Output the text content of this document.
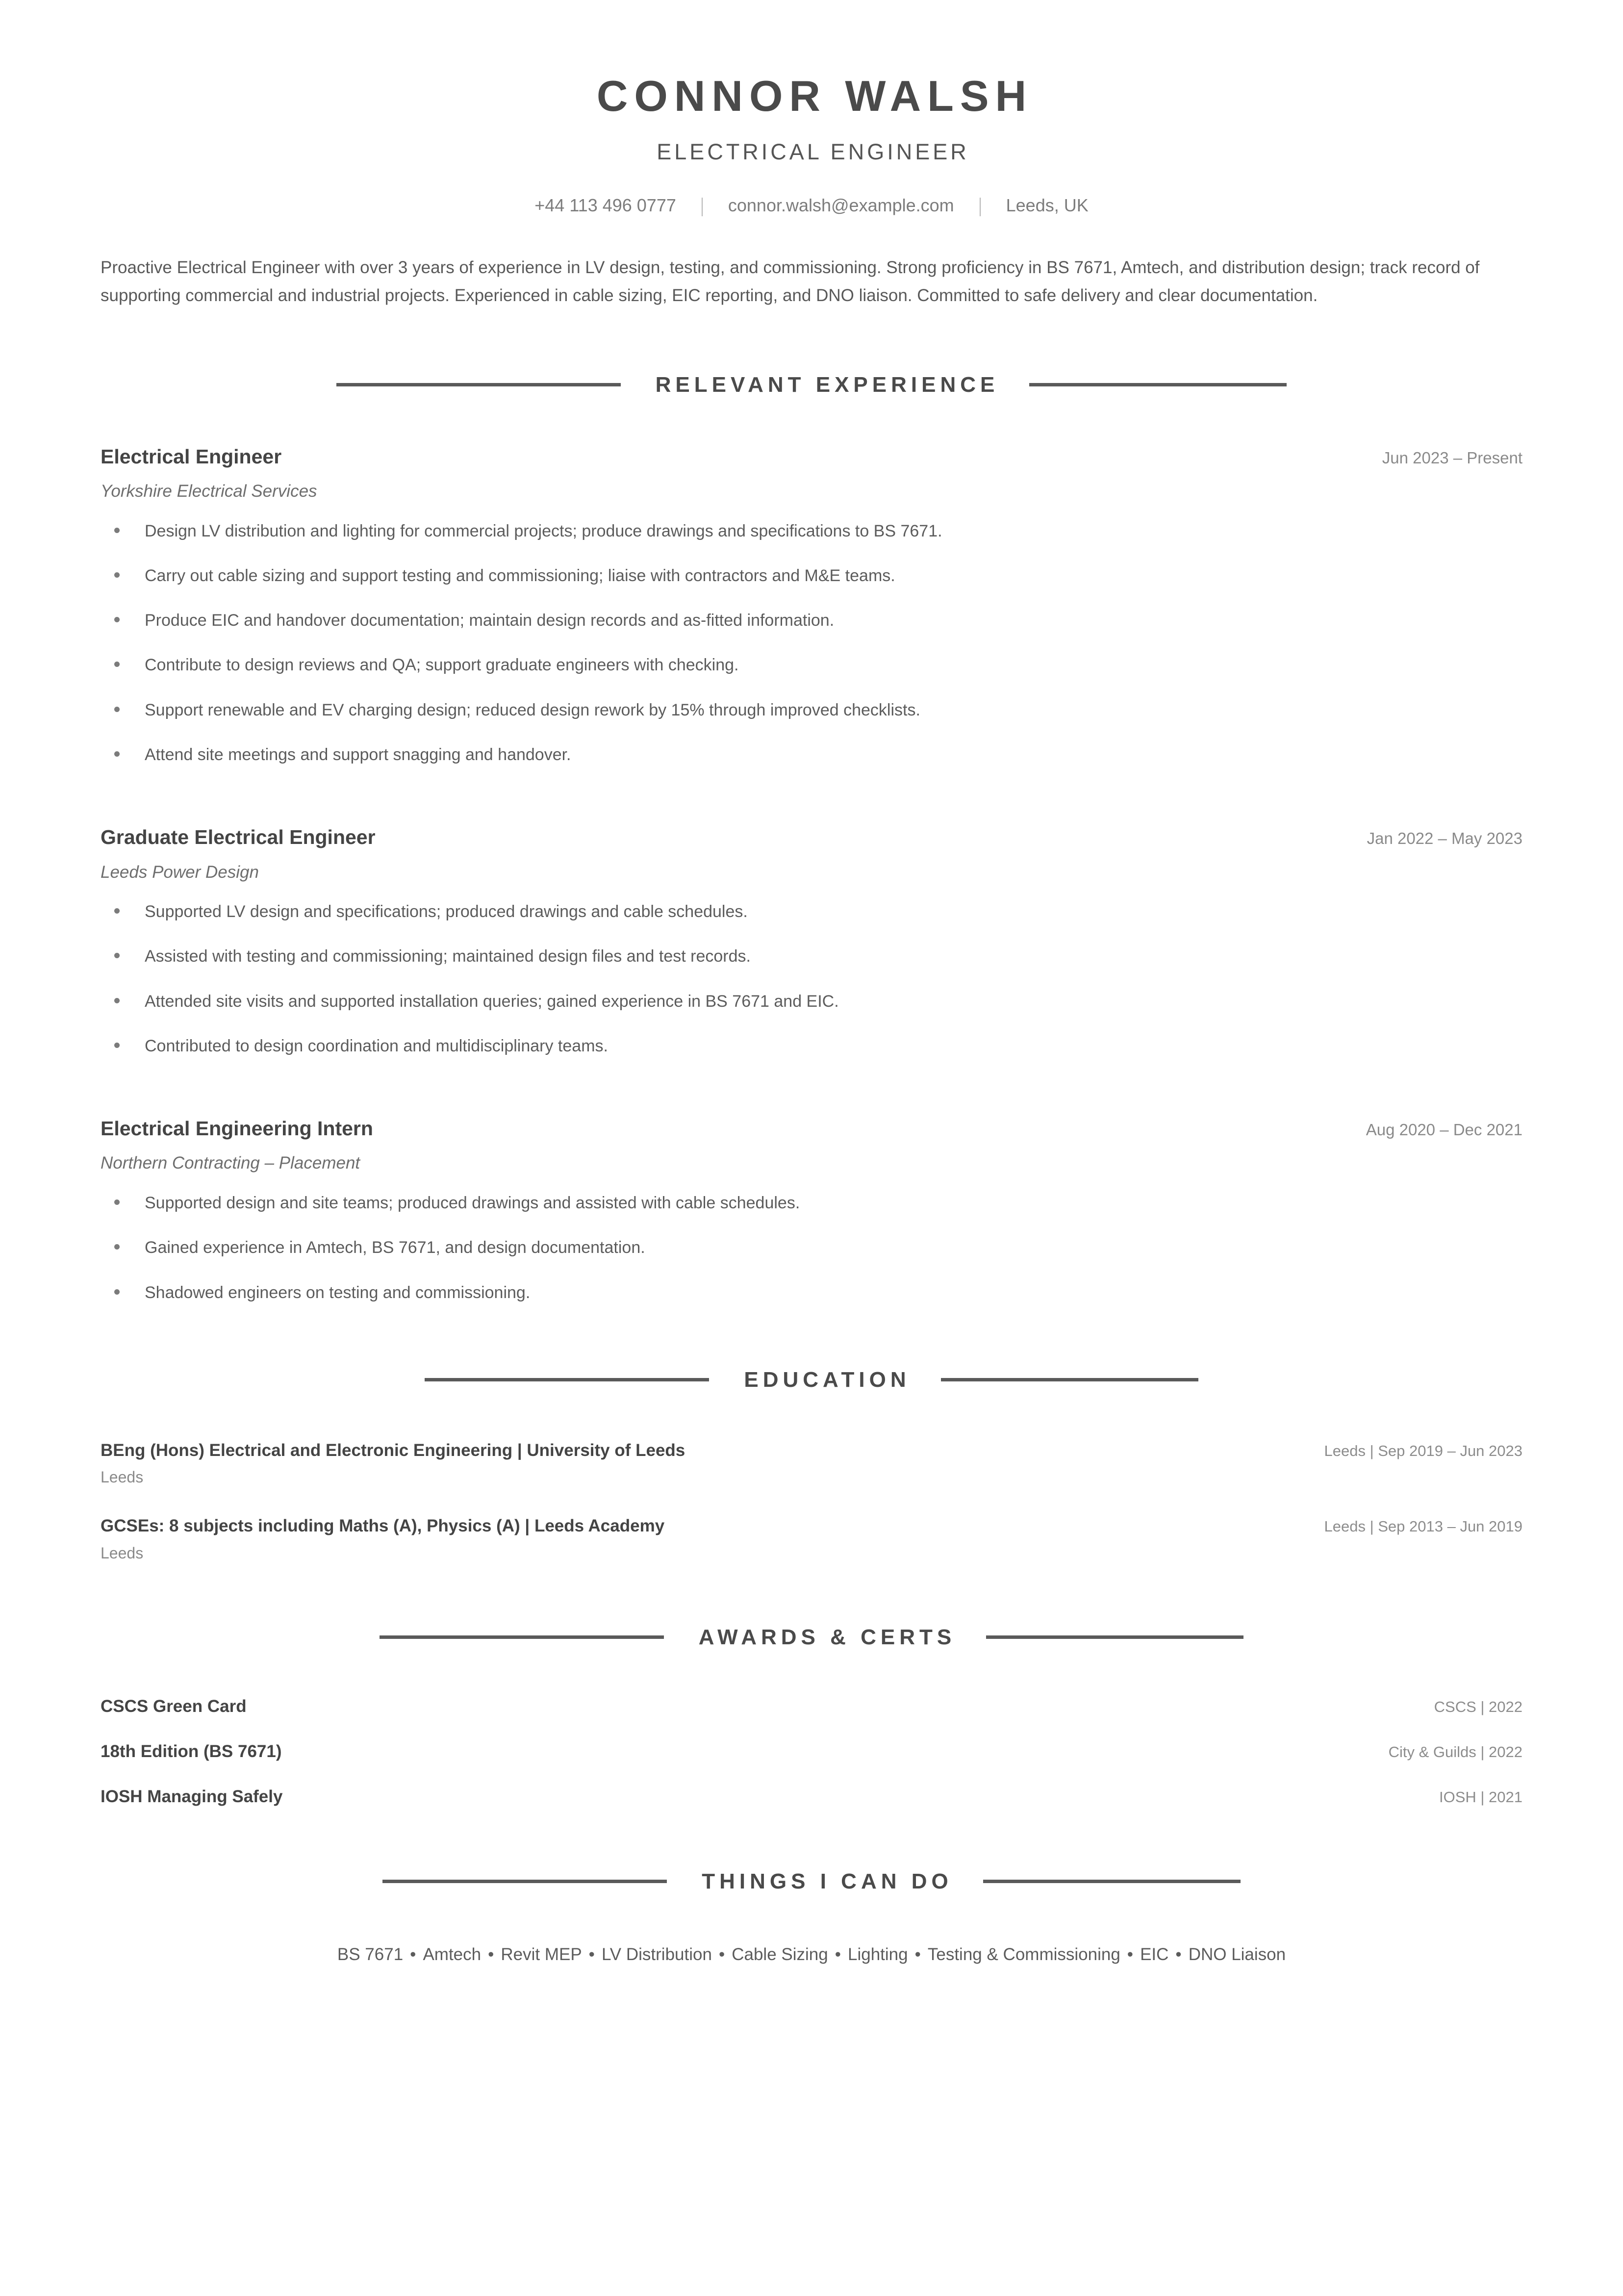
CONNOR WALSH
ELECTRICAL ENGINEER
+44 113 496 0777	connor.walsh@example.com	Leeds, UK

Proactive Electrical Engineer with over 3 years of experience in LV design, testing, and commissioning. Strong proficiency in BS 7671, Amtech, and distribution design; track record of supporting commercial and industrial projects. Experienced in cable sizing, EIC reporting, and DNO liaison. Committed to safe delivery and clear documentation.

RELEVANT EXPERIENCE
Electrical Engineer	Jun 2023 – Present
Yorkshire Electrical Services
Design LV distribution and lighting for commercial projects; produce drawings and specifications to BS 7671.
Carry out cable sizing and support testing and commissioning; liaise with contractors and M&E teams.
Produce EIC and handover documentation; maintain design records and as-fitted information.
Contribute to design reviews and QA; support graduate engineers with checking.
Support renewable and EV charging design; reduced design rework by 15% through improved checklists.
Attend site meetings and support snagging and handover.
Graduate Electrical Engineer	Jan 2022 – May 2023
Leeds Power Design
Supported LV design and specifications; produced drawings and cable schedules.
Assisted with testing and commissioning; maintained design files and test records.
Attended site visits and supported installation queries; gained experience in BS 7671 and EIC.
Contributed to design coordination and multidisciplinary teams.
Electrical Engineering Intern	Aug 2020 – Dec 2021
Northern Contracting – Placement
Supported design and site teams; produced drawings and assisted with cable schedules.
Gained experience in Amtech, BS 7671, and design documentation.
Shadowed engineers on testing and commissioning.
EDUCATION
BEng (Hons) Electrical and Electronic Engineering | University of Leeds	Leeds | Sep 2019 – Jun 2023
Leeds
GCSEs: 8 subjects including Maths (A), Physics (A) | Leeds Academy	Leeds | Sep 2013 – Jun 2019
Leeds
AWARDS & CERTS
CSCS Green Card	CSCS | 2022
18th Edition (BS 7671)	City & Guilds | 2022
IOSH Managing Safely	IOSH | 2021
THINGS I CAN DO
BS 7671 • Amtech • Revit MEP • LV Distribution • Cable Sizing • Lighting • Testing & Commissioning • EIC • DNO Liaison
